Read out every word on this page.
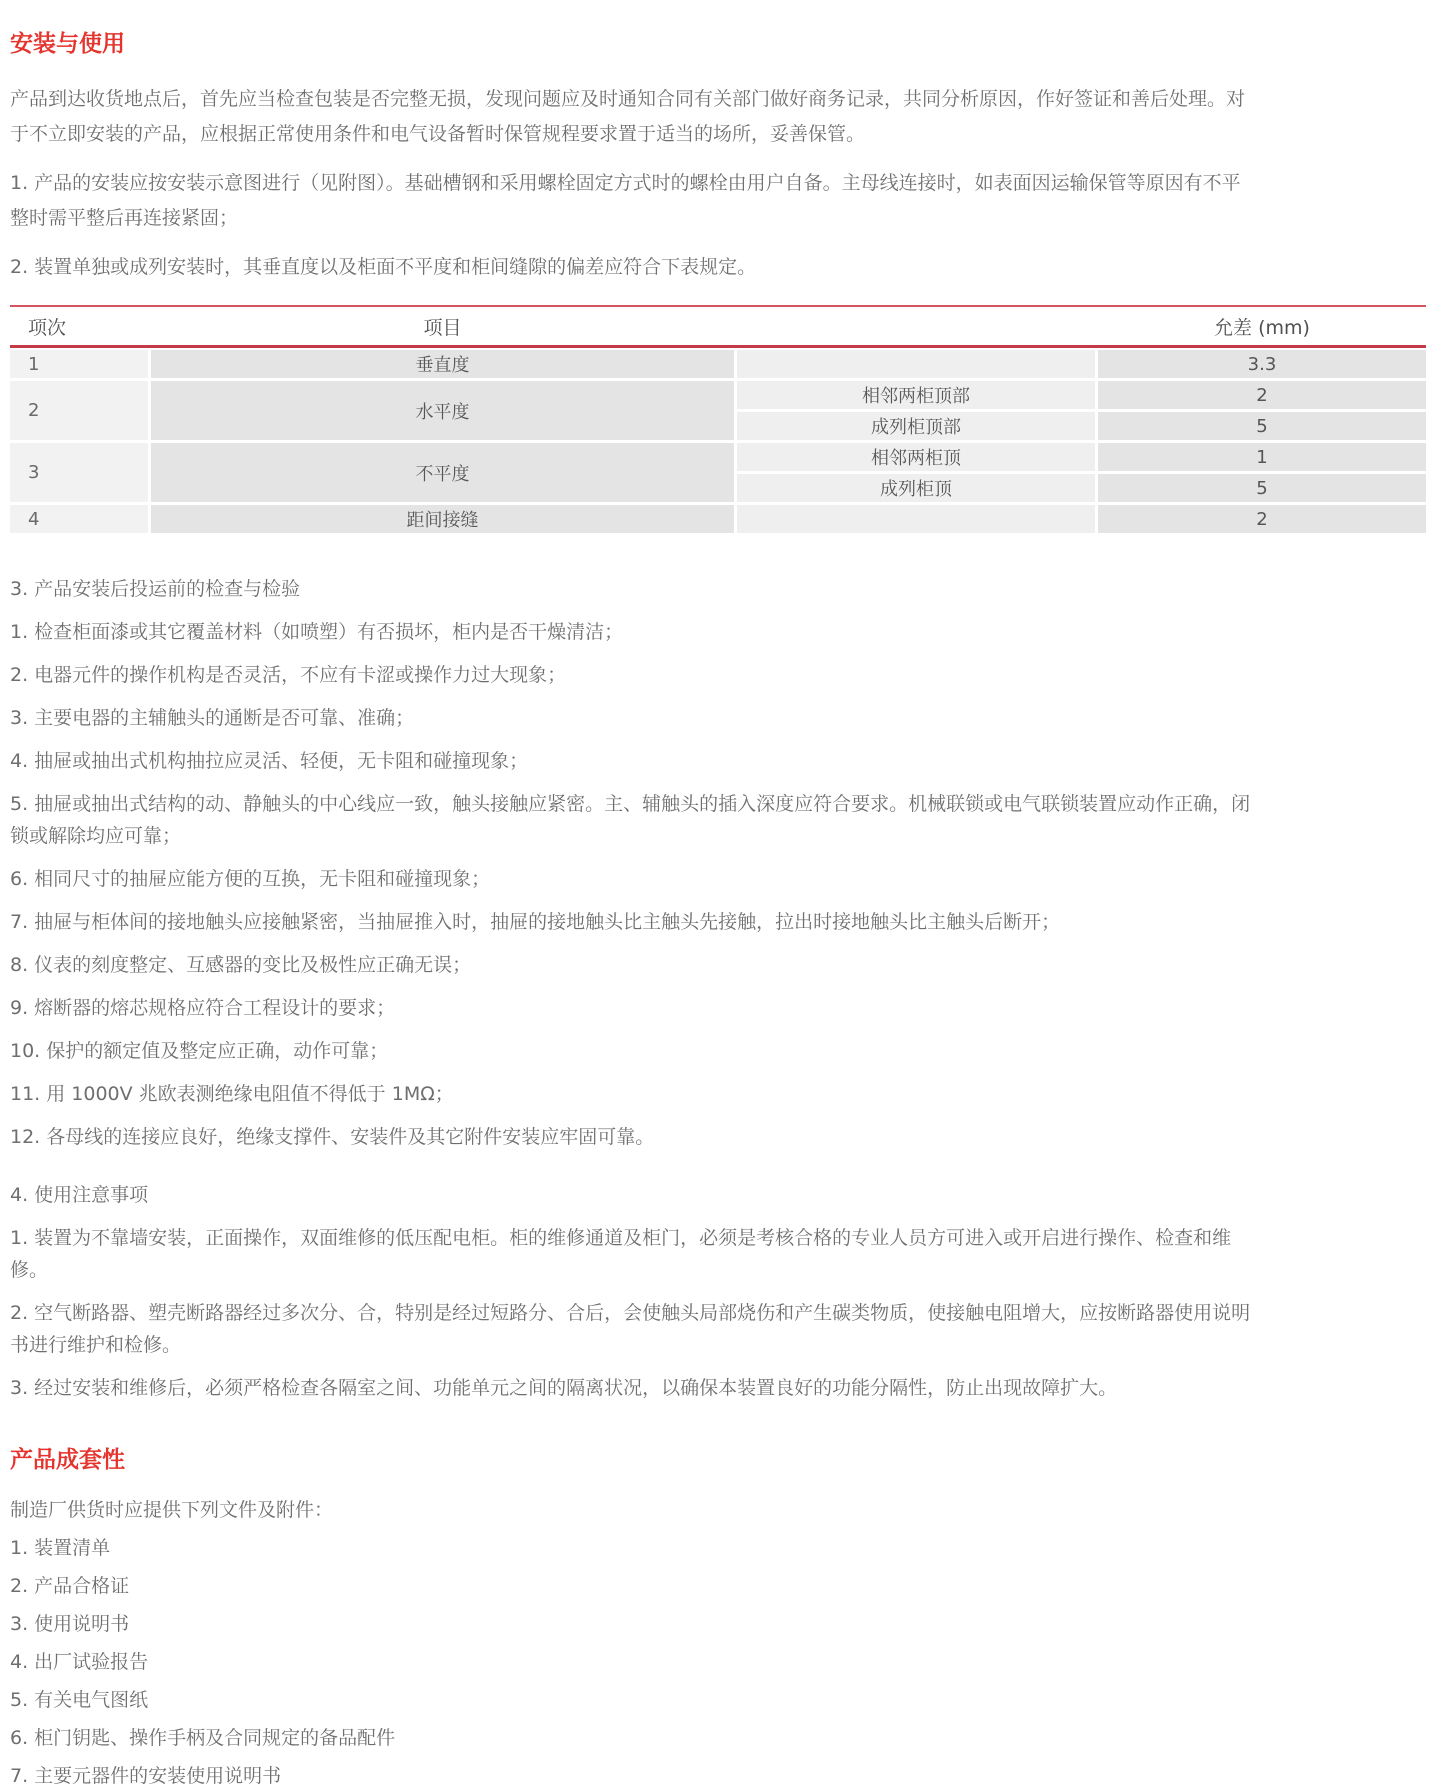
安装与使用

产品到达收货地点后，首先应当检查包装是否完整无损，发现问题应及时通知合同有关部门做好商务记录，共同分析原因，作好签证和善后处理。对于不立即安装的产品，应根据正常使用条件和电气设备暂时保管规程要求置于适当的场所，妥善保管。

1. 产品的安装应按安装示意图进行（见附图）。基础槽钢和采用螺栓固定方式时的螺栓由用户自备。主母线连接时，如表面因运输保管等原因有不平整时需平整后再连接紧固；

2. 装置单独或成列安装时，其垂直度以及柜面不平度和柜间缝隙的偏差应符合下表规定。

项次	项目	允差 (mm)
1	垂直度	3.3
2	水平度
相邻两柜顶部	2
成列柜顶部	5
3	不平度
相邻两柜顶	1
成列柜顶	5
4	距间接缝	2

3. 产品安装后投运前的检查与检验

1. 检查柜面漆或其它覆盖材料（如喷塑）有否损坏，柜内是否干燥清洁；

2. 电器元件的操作机构是否灵活，不应有卡涩或操作力过大现象；

3. 主要电器的主辅触头的通断是否可靠、准确；

4. 抽屉或抽出式机构抽拉应灵活、轻便，无卡阻和碰撞现象；

5. 抽屉或抽出式结构的动、静触头的中心线应一致，触头接触应紧密。主、辅触头的插入深度应符合要求。机械联锁或电气联锁装置应动作正确，闭锁或解除均应可靠；

6. 相同尺寸的抽屉应能方便的互换，无卡阻和碰撞现象；

7. 抽屉与柜体间的接地触头应接触紧密，当抽屉推入时，抽屉的接地触头比主触头先接触，拉出时接地触头比主触头后断开；

8. 仪表的刻度整定、互感器的变比及极性应正确无误；

9. 熔断器的熔芯规格应符合工程设计的要求；

10. 保护的额定值及整定应正确，动作可靠；

11. 用 1000V 兆欧表测绝缘电阻值不得低于 1MΩ；

12. 各母线的连接应良好，绝缘支撑件、安装件及其它附件安装应牢固可靠。

4. 使用注意事项

1. 装置为不靠墙安装，正面操作，双面维修的低压配电柜。柜的维修通道及柜门，必须是考核合格的专业人员方可进入或开启进行操作、检查和维修。

2. 空气断路器、塑壳断路器经过多次分、合，特别是经过短路分、合后，会使触头局部烧伤和产生碳类物质，使接触电阻增大，应按断路器使用说明书进行维护和检修。

3. 经过安装和维修后，必须严格检查各隔室之间、功能单元之间的隔离状况，以确保本装置良好的功能分隔性，防止出现故障扩大。

产品成套性

制造厂供货时应提供下列文件及附件：

1. 装置清单

2. 产品合格证

3. 使用说明书

4. 出厂试验报告

5. 有关电气图纸

6. 柜门钥匙、操作手柄及合同规定的备品配件

7. 主要元器件的安装使用说明书
